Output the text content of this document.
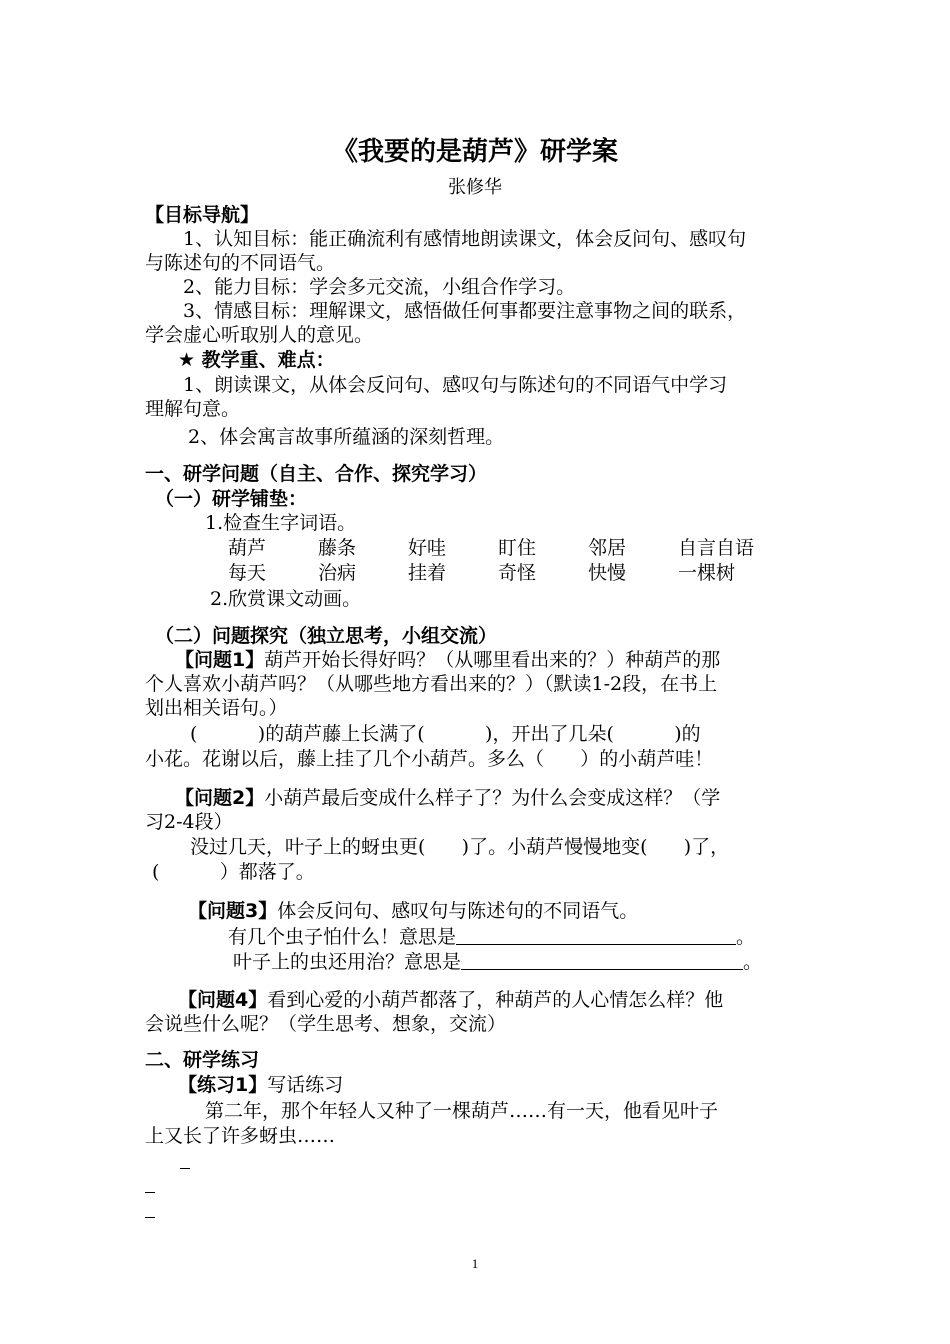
《我要的是葫芦》研学案
张修华
【目标导航】
1、认知目标：能正确流利有感情地朗读课文，体会反问句、感叹句
与陈述句的不同语气。
2、能力目标：学会多元交流，小组合作学习。
3、情感目标：理解课文，感悟做任何事都要注意事物之间的联系，
学会虚心听取别人的意见。
★ 教学重、难点：
1、朗读课文，从体会反问句、感叹句与陈述句的不同语气中学习
理解句意。
2、体会寓言故事所蕴涵的深刻哲理。
一、研学问题（自主、合作、探究学习）
（一）研学铺垫：
1.检查生字词语。
葫芦	藤条	好哇	盯住	邻居	自言自语
每天	治病	挂着	奇怪	快慢	一棵树
2.欣赏课文动画。
（二）问题探究（独立思考，小组交流）
【问题1】葫芦开始长得好吗？（从哪里看出来的？）种葫芦的那
个人喜欢小葫芦吗？（从哪些地方看出来的？）（默读1-2段，在书上
划出相关语句。）
(          )的葫芦藤上长满了(          )，开出了几朵(          )的
小花。花谢以后，藤上挂了几个小葫芦。多么（      ）的小葫芦哇！
【问题2】小葫芦最后变成什么样子了？为什么会变成这样？（学
习2-4段）
没过几天，叶子上的蚜虫更(      )了。小葫芦慢慢地变(      )了，
(          ）都落了。
【问题3】体会反问句、感叹句与陈述句的不同语气。
有几个虫子怕什么！意思是	。
叶子上的虫还用治？意思是	。
【问题4】看到心爱的小葫芦都落了，种葫芦的人心情怎么样？他
会说些什么呢？（学生思考、想象，交流）
二、研学练习
【练习1】写话练习
第二年，那个年轻人又种了一棵葫芦……有一天，他看见叶子
上又长了许多蚜虫……
1
